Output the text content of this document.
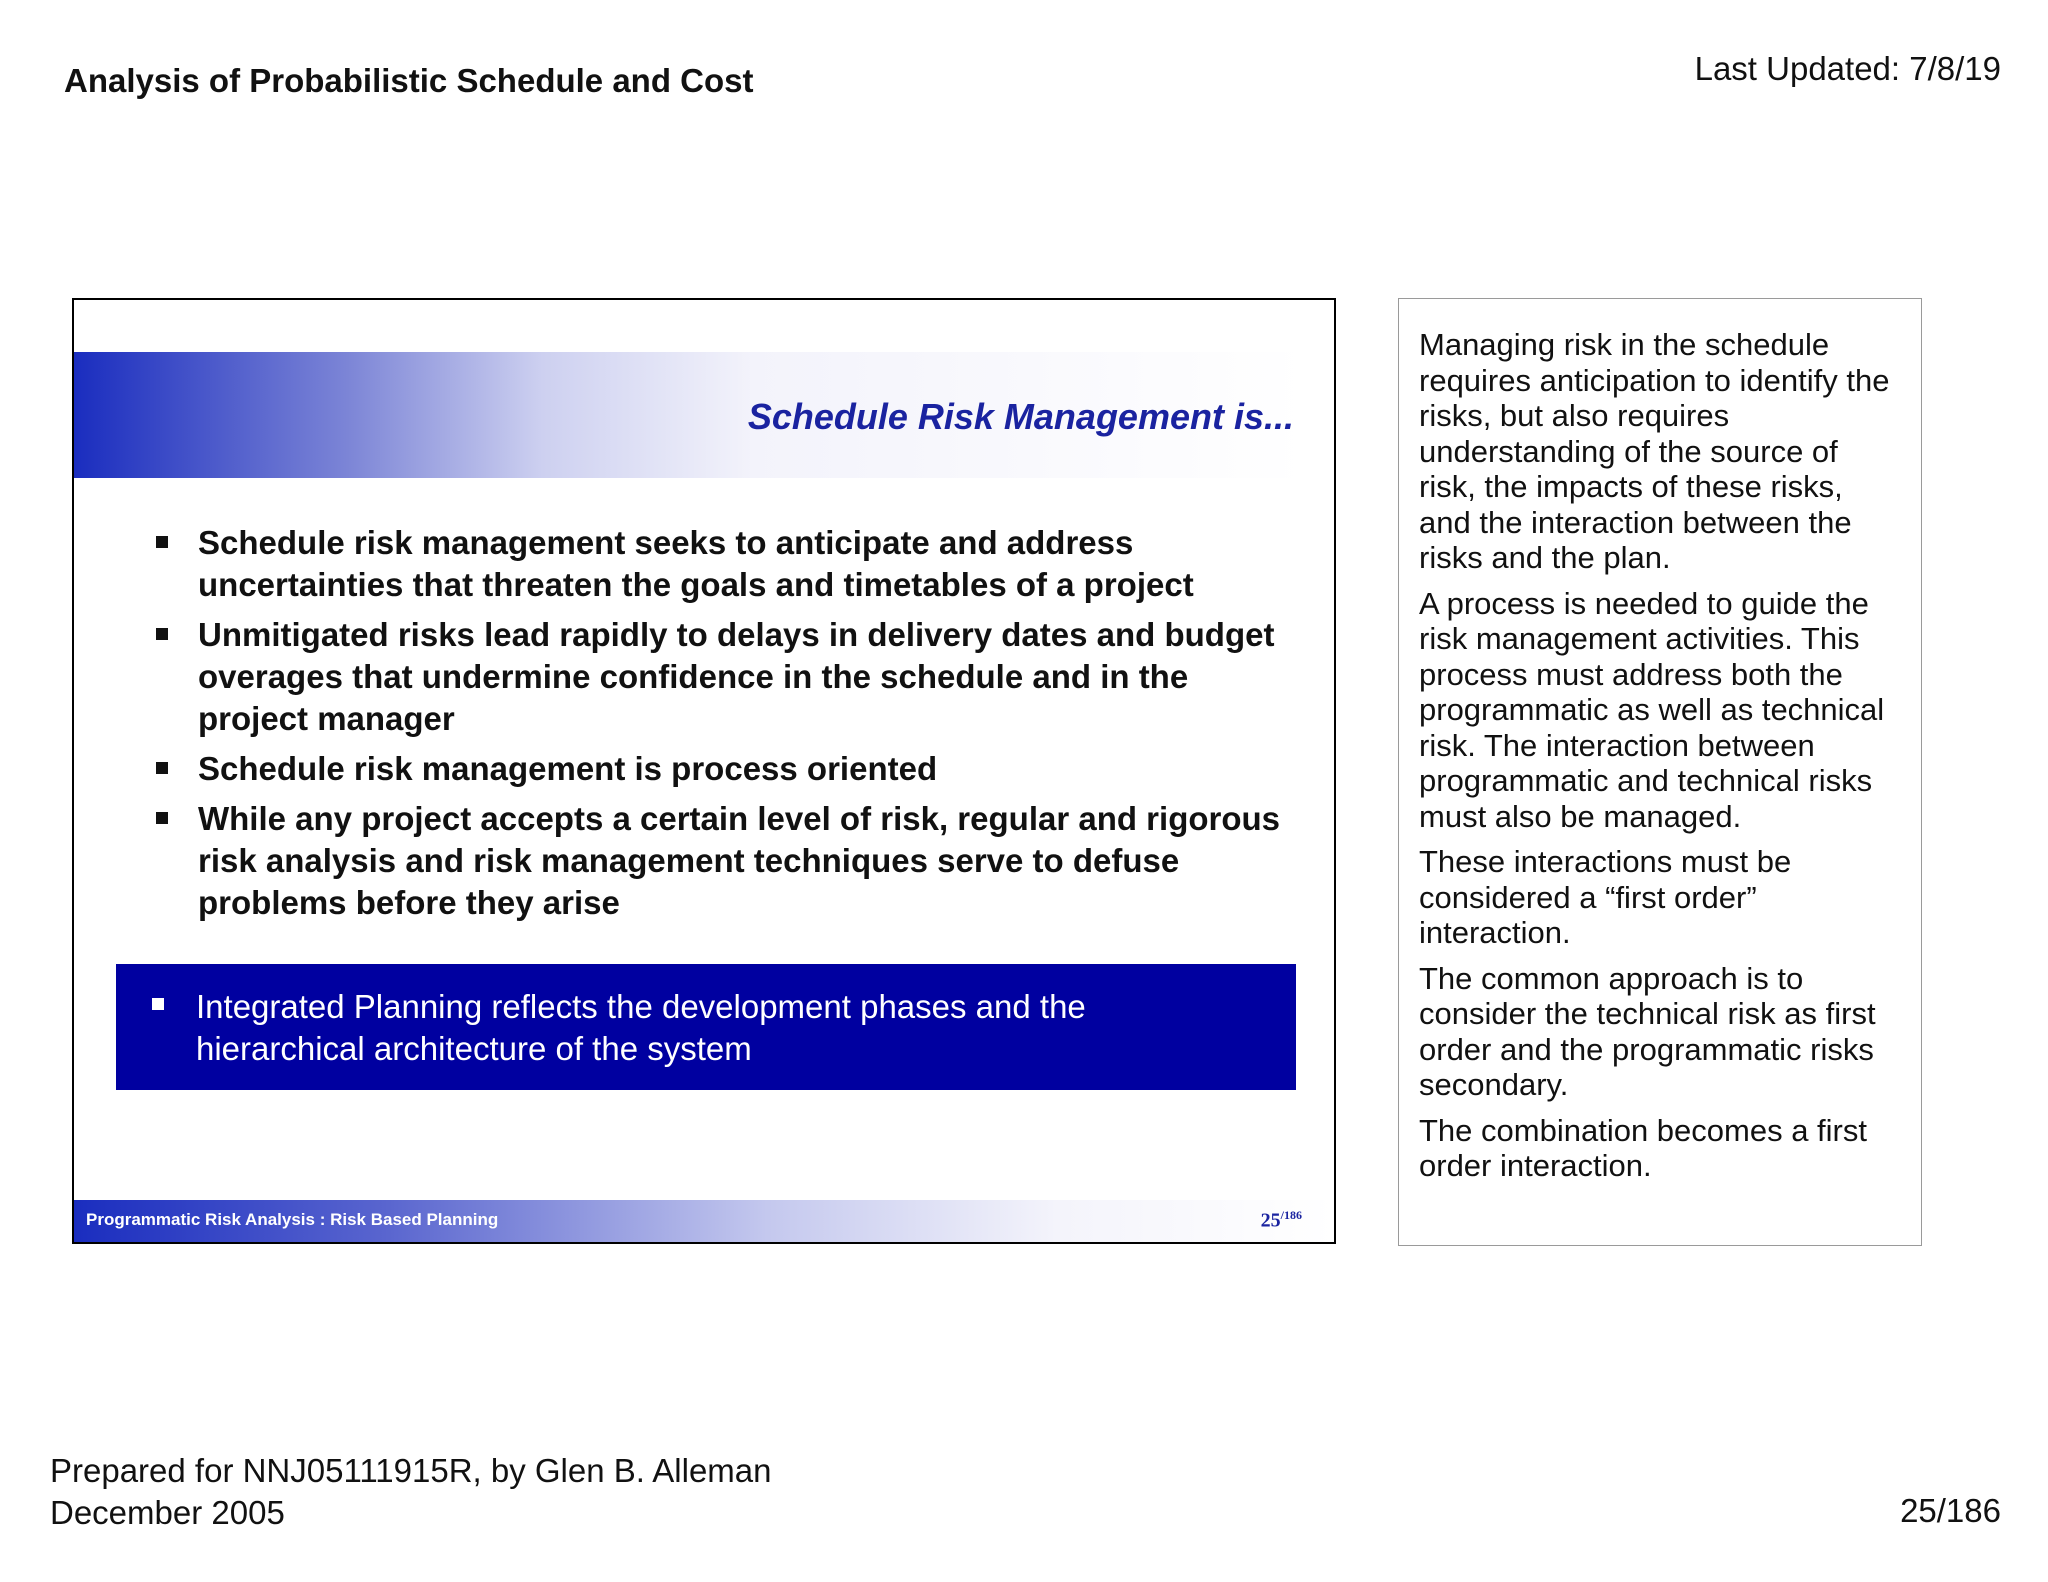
Analysis of Probabilistic Schedule and Cost	Last Updated: 7/8/19
Schedule Risk Management is...
Schedule risk management seeks to anticipate and address uncertainties that threaten the goals and timetables of a project
Unmitigated risks lead rapidly to delays in delivery dates and budget overages that undermine confidence in the schedule and in the project manager
Schedule risk management is process oriented
While any project accepts a certain level of risk, regular and rigorous risk analysis and risk management techniques serve to defuse problems before they arise
Integrated Planning reflects the development phases and the hierarchical architecture of the system
Programmatic Risk Analysis : Risk Based Planning	$25^{/186}$

Managing risk in the schedule requires anticipation to identify the risks, but also requires understanding of the source of risk, the impacts of these risks, and the interaction between the risks and the plan.

A process is needed to guide the risk management activities. This process must address both the programmatic as well as technical risk. The interaction between programmatic and technical risks must also be managed.

These interactions must be considered a “first order” interaction.

The common approach is to consider the technical risk as first order and the programmatic risks secondary.

The combination becomes a first order interaction.

Prepared for NNJ05111915R, by Glen B. Alleman
December 2005	25/186
